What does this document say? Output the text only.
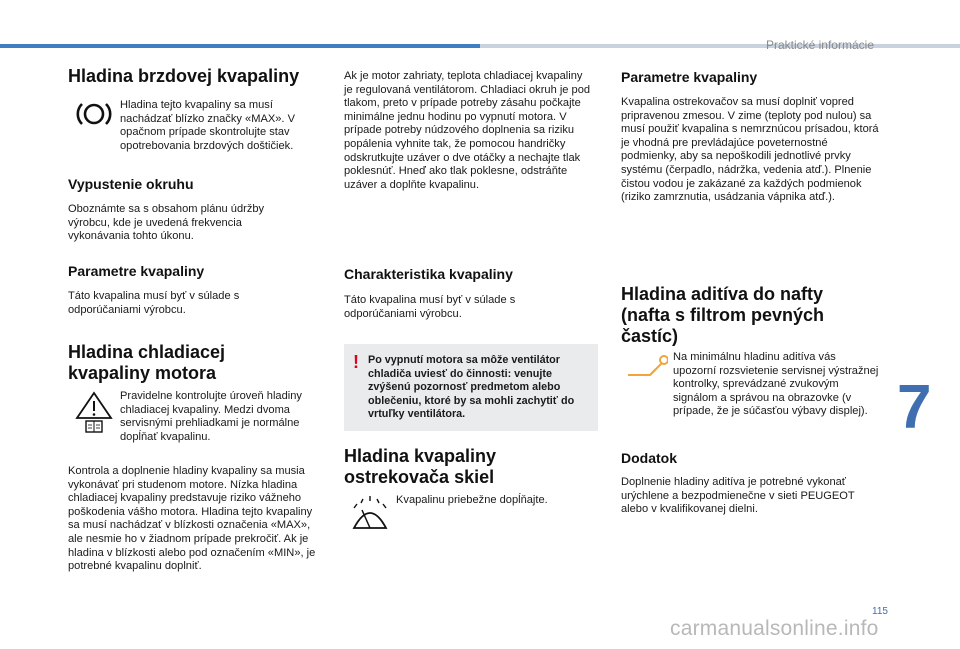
Praktické informácie
Hladina brzdovej kvapaliny

Hladina tejto kvapaliny sa musí nachádzať blízko značky «MAX». V opačnom prípade skontrolujte stav opotrebovania brzdových doštičiek.

Vypustenie okruhu

Oboznámte sa s obsahom plánu údržby výrobcu, kde je uvedená frekvencia vykonávania tohto úkonu.

Parametre kvapaliny

Táto kvapalina musí byť v súlade s odporúčaniami výrobcu.

Hladina chladiacej
kvapaliny motora

Pravidelne kontrolujte úroveň hladiny chladiacej kvapaliny. Medzi dvoma servisnými prehliadkami je normálne dopĺňať kvapalinu.

Kontrola a doplnenie hladiny kvapaliny sa musia vykonávať pri studenom motore. Nízka hladina chladiacej kvapaliny predstavuje riziko vážneho poškodenia vášho motora. Hladina tejto kvapaliny sa musí nachádzať v blízkosti označenia «MAX», ale nesmie ho v žiadnom prípade prekročiť. Ak je hladina v blízkosti alebo pod označením «MIN», je potrebné kvapalinu doplniť.

Ak je motor zahriaty, teplota chladiacej kvapaliny je regulovaná ventilátorom. Chladiaci okruh je pod tlakom, preto v prípade potreby zásahu počkajte minimálne jednu hodinu po vypnutí motora. V prípade potreby núdzového doplnenia sa riziku popálenia vyhnite tak, že pomocou handričky odskrutkujte uzáver o dve otáčky a nechajte tlak poklesnúť. Hneď ako tlak poklesne, odstráňte uzáver a doplňte kvapalinu.

Charakteristika kvapaliny

Táto kvapalina musí byť v súlade s odporúčaniami výrobcu.

! Po vypnutí motora sa môže ventilátor chladiča uviesť do činnosti: venujte zvýšenú pozornosť predmetom alebo oblečeniu, ktoré by sa mohli zachytiť do vrtuľky ventilátora.

Hladina kvapaliny
ostrekovača skiel

Kvapalinu priebežne dopĺňajte.

Parametre kvapaliny

Kvapalina ostrekovačov sa musí doplniť vopred pripravenou zmesou. V zime (teploty pod nulou) sa musí použiť kvapalina s nemrznúcou prísadou, ktorá je vhodná pre prevládajúce poveternostné podmienky, aby sa nepoškodili jednotlivé prvky systému (čerpadlo, nádržka, vedenia atď.). Plnenie čistou vodou je zakázané za každých podmienok (riziko zamrznutia, usádzania vápnika atď.).

Hladina aditíva do nafty
(nafta s filtrom pevných
častíc)

Na minimálnu hladinu aditíva vás upozorní rozsvietenie servisnej výstražnej kontrolky, sprevádzané zvukovým signálom a správou na obrazovke (v prípade, že je súčasťou výbavy displej).

Dodatok

Doplnenie hladiny aditíva je potrebné vykonať urýchlene a bezpodmienečne v sieti PEUGEOT alebo v kvalifikovanej dielni.

7
115
carmanualsonline.info
